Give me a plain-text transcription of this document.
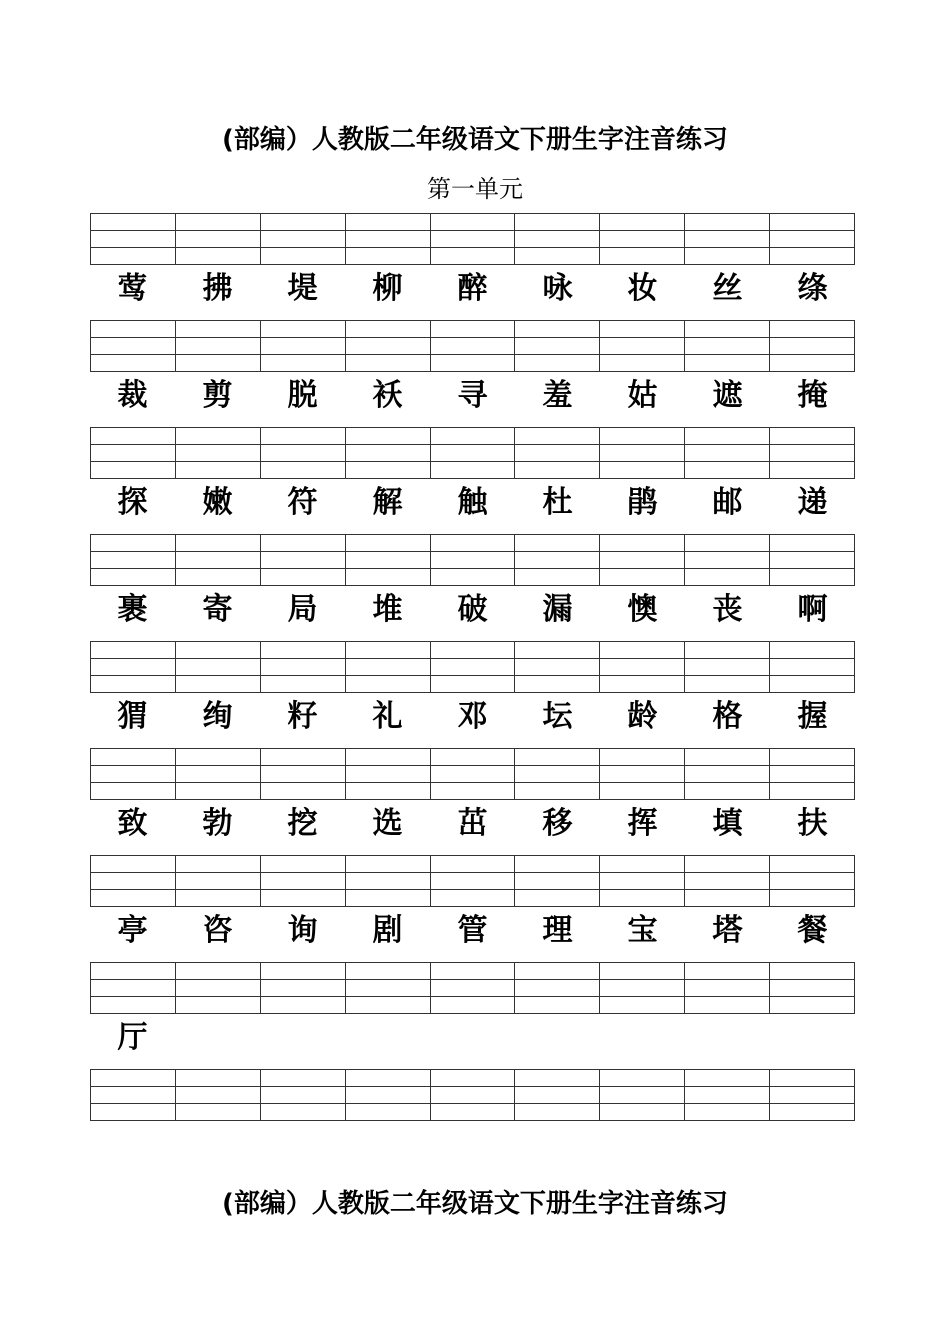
(部编）人教版二年级语文下册生字注音练习
第一单元

莺	拂	堤	柳	醉	咏	妆	丝	绦
裁	剪	脱	袄	寻	羞	姑	遮	掩
探	嫩	符	解	触	杜	鹃	邮	递
裹	寄	局	堆	破	漏	懊	丧	啊
猬	绚	籽	礼	邓	坛	龄	格	握
致	勃	挖	选	茁	移	挥	填	扶
亭	咨	询	剧	管	理	宝	塔	餐
厅
(部编）人教版二年级语文下册生字注音练习
